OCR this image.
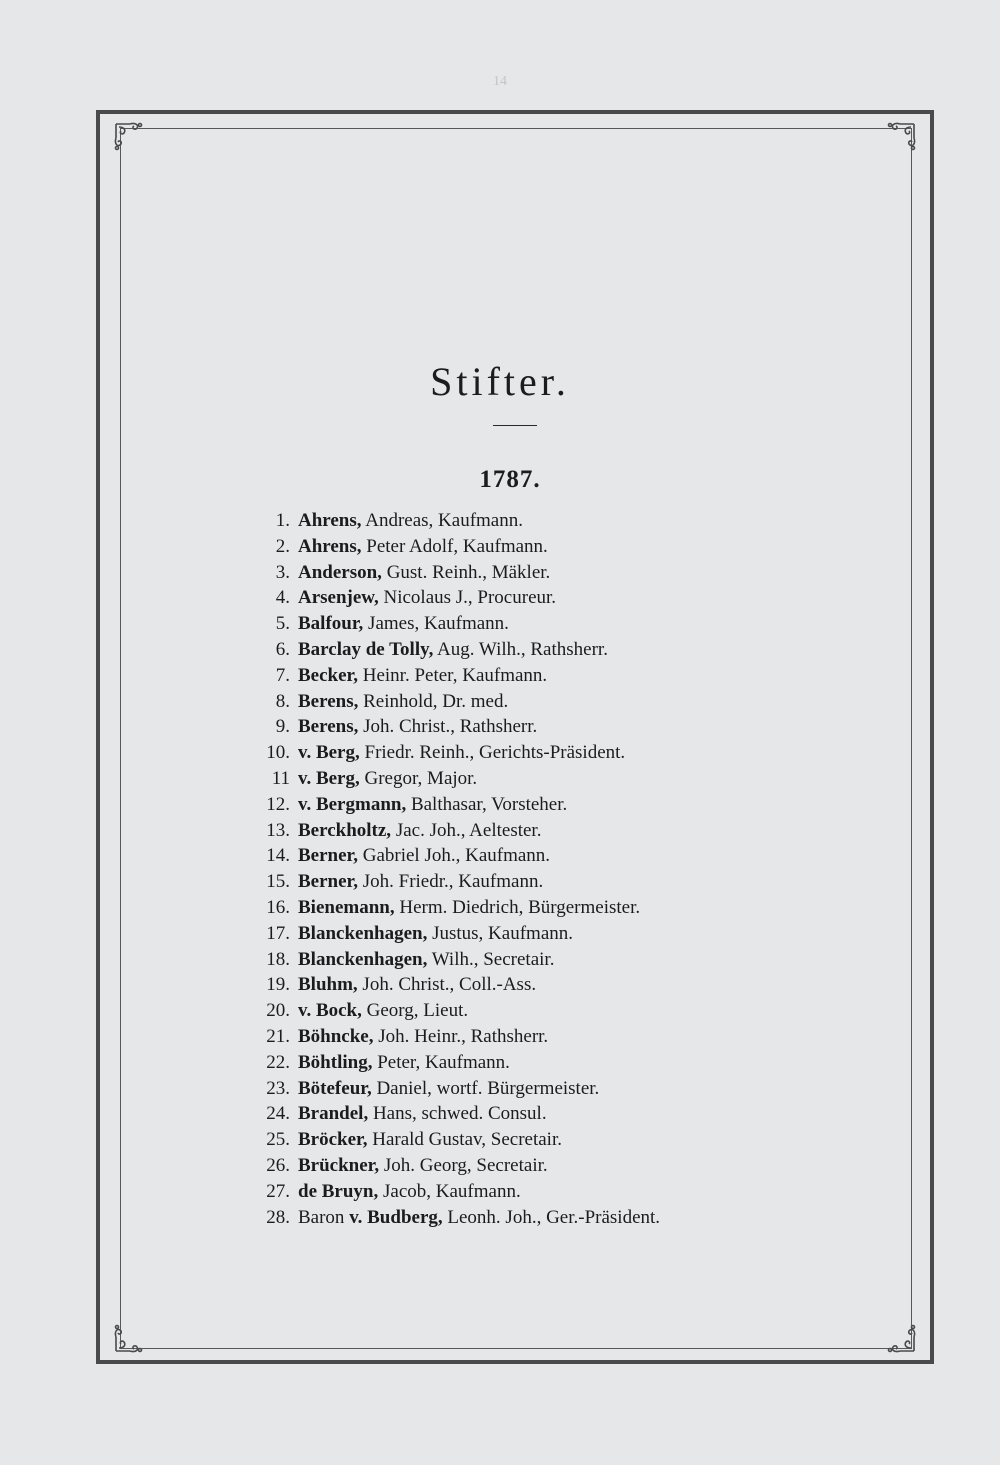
14
Stifter.
1787.
1. Ahrens, Andreas, Kaufmann.
2. Ahrens, Peter Adolf, Kaufmann.
3. Anderson, Gust. Reinh., Mäkler.
4. Arsenjew, Nicolaus J., Procureur.
5. Balfour, James, Kaufmann.
6. Barclay de Tolly, Aug. Wilh., Rathsherr.
7. Becker, Heinr. Peter, Kaufmann.
8. Berens, Reinhold, Dr. med.
9. Berens, Joh. Christ., Rathsherr.
10. v. Berg, Friedr. Reinh., Gerichts-Präsident.
11 v. Berg, Gregor, Major.
12. v. Bergmann, Balthasar, Vorsteher.
13. Berckholtz, Jac. Joh., Aeltester.
14. Berner, Gabriel Joh., Kaufmann.
15. Berner, Joh. Friedr., Kaufmann.
16. Bienemann, Herm. Diedrich, Bürgermeister.
17. Blanckenhagen, Justus, Kaufmann.
18. Blanckenhagen, Wilh., Secretair.
19. Bluhm, Joh. Christ., Coll.-Ass.
20. v. Bock, Georg, Lieut.
21. Böhncke, Joh. Heinr., Rathsherr.
22. Böhtling, Peter, Kaufmann.
23. Bötefeur, Daniel, wortf. Bürgermeister.
24. Brandel, Hans, schwed. Consul.
25. Bröcker, Harald Gustav, Secretair.
26. Brückner, Joh. Georg, Secretair.
27. de Bruyn, Jacob, Kaufmann.
28. Baron v. Budberg, Leonh. Joh., Ger.-Präsident.
